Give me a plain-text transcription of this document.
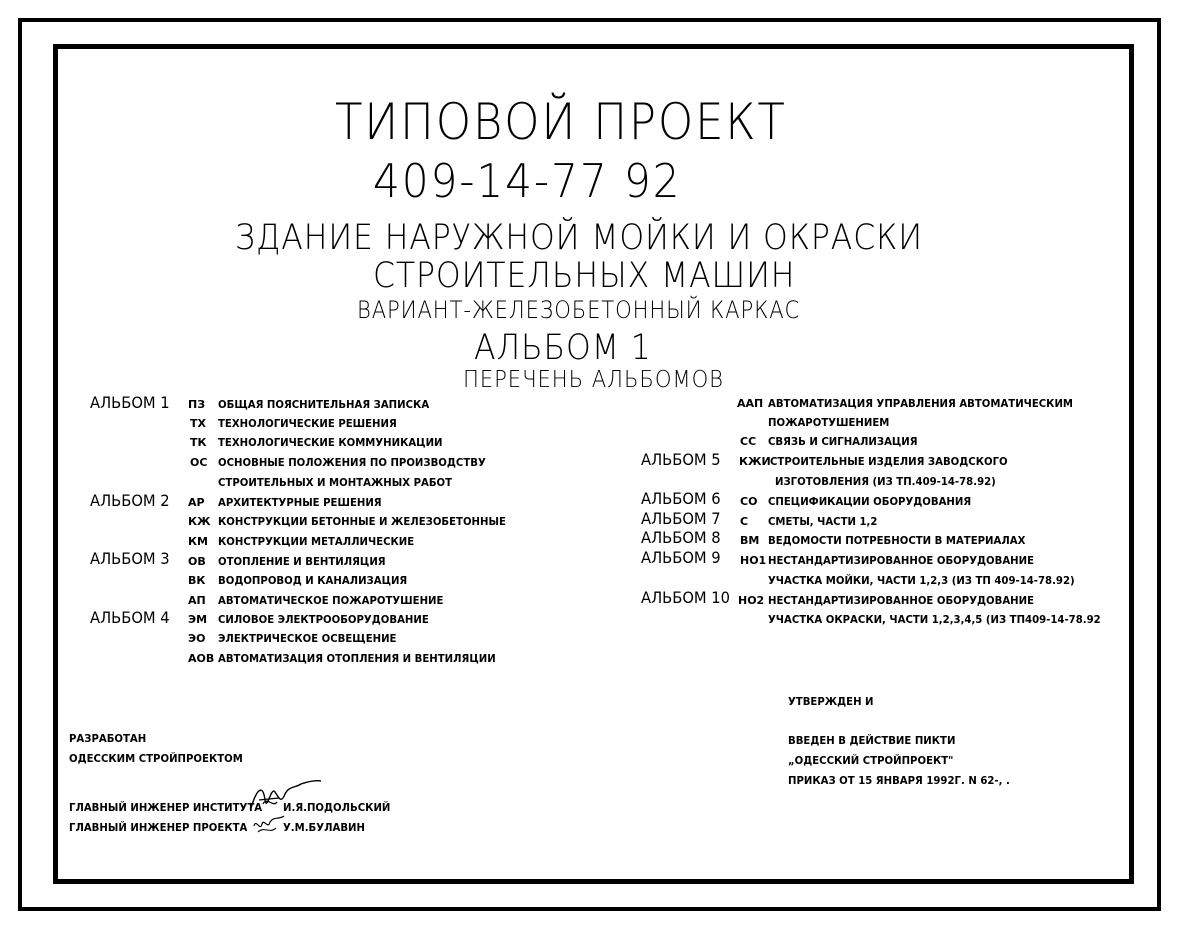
ТИПОВОЙ ПРОЕКТ
409-14-77 92
ЗДАНИЕ НАРУЖНОЙ МОЙКИ И ОКРАСКИ
СТРОИТЕЛЬНЫХ МАШИН
ВАРИАНТ-ЖЕЛЕЗОБЕТОННЫЙ КАРКАС
АЛЬБОМ 1
ПЕРЕЧЕНЬ АЛЬБОМОВ
АЛЬБОМ 1 ПЗ ОБЩАЯ ПОЯСНИТЕЛЬНАЯ ЗАПИСКА
ТХ ТЕХНОЛОГИЧЕСКИЕ РЕШЕНИЯ
ТК ТЕХНОЛОГИЧЕСКИЕ КОММУНИКАЦИИ
ОС ОСНОВНЫЕ ПОЛОЖЕНИЯ ПО ПРОИЗВОДСТВУ
СТРОИТЕЛЬНЫХ И МОНТАЖНЫХ РАБОТ
АЛЬБОМ 2 АР АРХИТЕКТУРНЫЕ РЕШЕНИЯ
КЖ КОНСТРУКЦИИ БЕТОННЫЕ И ЖЕЛЕЗОБЕТОННЫЕ
КМ КОНСТРУКЦИИ МЕТАЛЛИЧЕСКИЕ
АЛЬБОМ 3 ОВ ОТОПЛЕНИЕ И ВЕНТИЛЯЦИЯ
ВК ВОДОПРОВОД И КАНАЛИЗАЦИЯ
АП АВТОМАТИЧЕСКОЕ ПОЖАРОТУШЕНИЕ
АЛЬБОМ 4 ЭМ СИЛОВОЕ ЭЛЕКТРООБОРУДОВАНИЕ
ЭО ЭЛЕКТРИЧЕСКОЕ ОСВЕЩЕНИЕ
АОВ АВТОМАТИЗАЦИЯ ОТОПЛЕНИЯ И ВЕНТИЛЯЦИИ
ААП АВТОМАТИЗАЦИЯ УПРАВЛЕНИЯ АВТОМАТИЧЕСКИМ
ПОЖАРОТУШЕНИЕМ
СС СВЯЗЬ И СИГНАЛИЗАЦИЯ
АЛЬБОМ 5 КЖИ СТРОИТЕЛЬНЫЕ ИЗДЕЛИЯ ЗАВОДСКОГО
ИЗГОТОВЛЕНИЯ (ИЗ ТП.409-14-78.92)
АЛЬБОМ 6 СО СПЕЦИФИКАЦИИ ОБОРУДОВАНИЯ
АЛЬБОМ 7 С СМЕТЫ, ЧАСТИ 1,2
АЛЬБОМ 8 ВМ ВЕДОМОСТИ ПОТРЕБНОСТИ В МАТЕРИАЛАХ
АЛЬБОМ 9 НО1 НЕСТАНДАРТИЗИРОВАННОЕ ОБОРУДОВАНИЕ
УЧАСТКА МОЙКИ, ЧАСТИ 1,2,3 (ИЗ ТП 409-14-78.92)
АЛЬБОМ 10 НО2 НЕСТАНДАРТИЗИРОВАННОЕ ОБОРУДОВАНИЕ
УЧАСТКА ОКРАСКИ, ЧАСТИ 1,2,3,4,5 (ИЗ ТП409-14-78.92
УТВЕРЖДЕН И
ВВЕДЕН В ДЕЙСТВИЕ ПИКТИ
„ОДЕССКИЙ СТРОЙПРОЕКТ"
ПРИКАЗ ОТ 15 ЯНВАРЯ 1992Г. N 62-, .
РАЗРАБОТАН
ОДЕССКИМ СТРОЙПРОЕКТОМ
ГЛАВНЫЙ ИНЖЕНЕР ИНСТИТУТА И.Я.ПОДОЛЬСКИЙ
ГЛАВНЫЙ ИНЖЕНЕР ПРОЕКТА	У.М.БУЛАВИН
